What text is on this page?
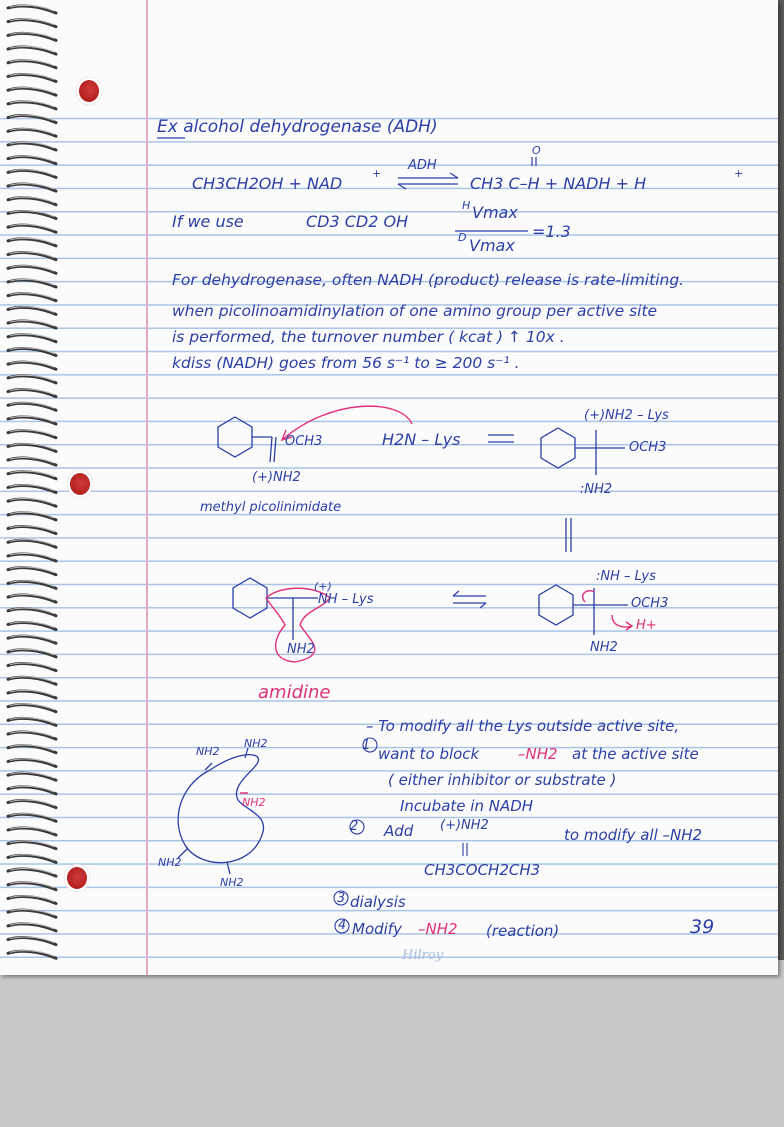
Ex alcohol dehydrogenase (ADH)
CH3CH2OH + NAD
+
ADH
O
CH3 C–H + NADH + H
+
If we use	CD3 CD2 OH
H Vmax
D Vmax
=1.3
For dehydrogenase, often NADH (product) release is rate-limiting.
when picolinoamidinylation of one amino group per active site
is performed, the turnover number ( kcat ) ↑ 10x .
kdiss (NADH) goes from 56 s⁻¹ to ≥ 200 s⁻¹ .
OCH3
(+)NH2
H2N – Lys
(+)NH2 – Lys
OCH3
:NH2
methyl picolinimidate
(+)
NH – Lys
NH2
amidine
:NH – Lys
OCH3
H+
NH2
NH2
NH2
NH2
NH2
NH2
– To modify all the Lys outside active site,
1 want to block	–NH2 at the active site
( either inhibitor or substrate )
Incubate in NADH
2 Add (+)NH2
CH3COCH2CH3
to modify all –NH2
3 dialysis
4 Modify –NH2 (reaction)	39
Hilroy
